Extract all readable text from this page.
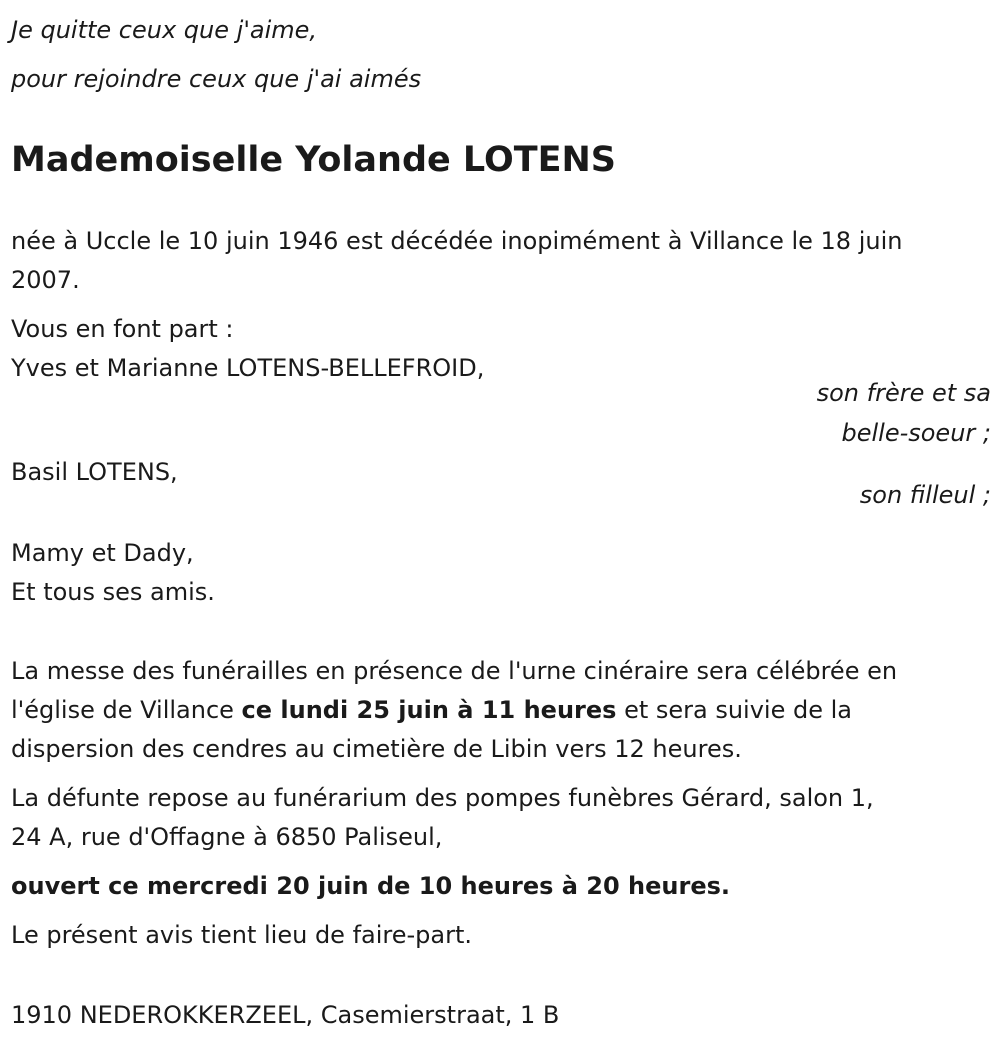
Je quitte ceux que j'aime,

pour rejoindre ceux que j'ai aimés

Mademoiselle Yolande LOTENS

née à Uccle le 10 juin 1946 est décédée inopimément à Villance le 18 juin

2007.

Vous en font part :

Yves et Marianne LOTENS-BELLEFROID,

son frère et sa

belle-soeur ;

Basil LOTENS,

son filleul ;

Mamy et Dady,

Et tous ses amis.

La messe des funérailles en présence de l'urne cinéraire sera célébrée en

l'église de Villance ce lundi 25 juin à 11 heures et sera suivie de la

dispersion des cendres au cimetière de Libin vers 12 heures.

La défunte repose au funérarium des pompes funèbres Gérard, salon 1,

24 A, rue d'Offagne à 6850 Paliseul,

ouvert ce mercredi 20 juin de 10 heures à 20 heures.

Le présent avis tient lieu de faire-part.

1910 NEDEROKKERZEEL, Casemierstraat, 1 B
